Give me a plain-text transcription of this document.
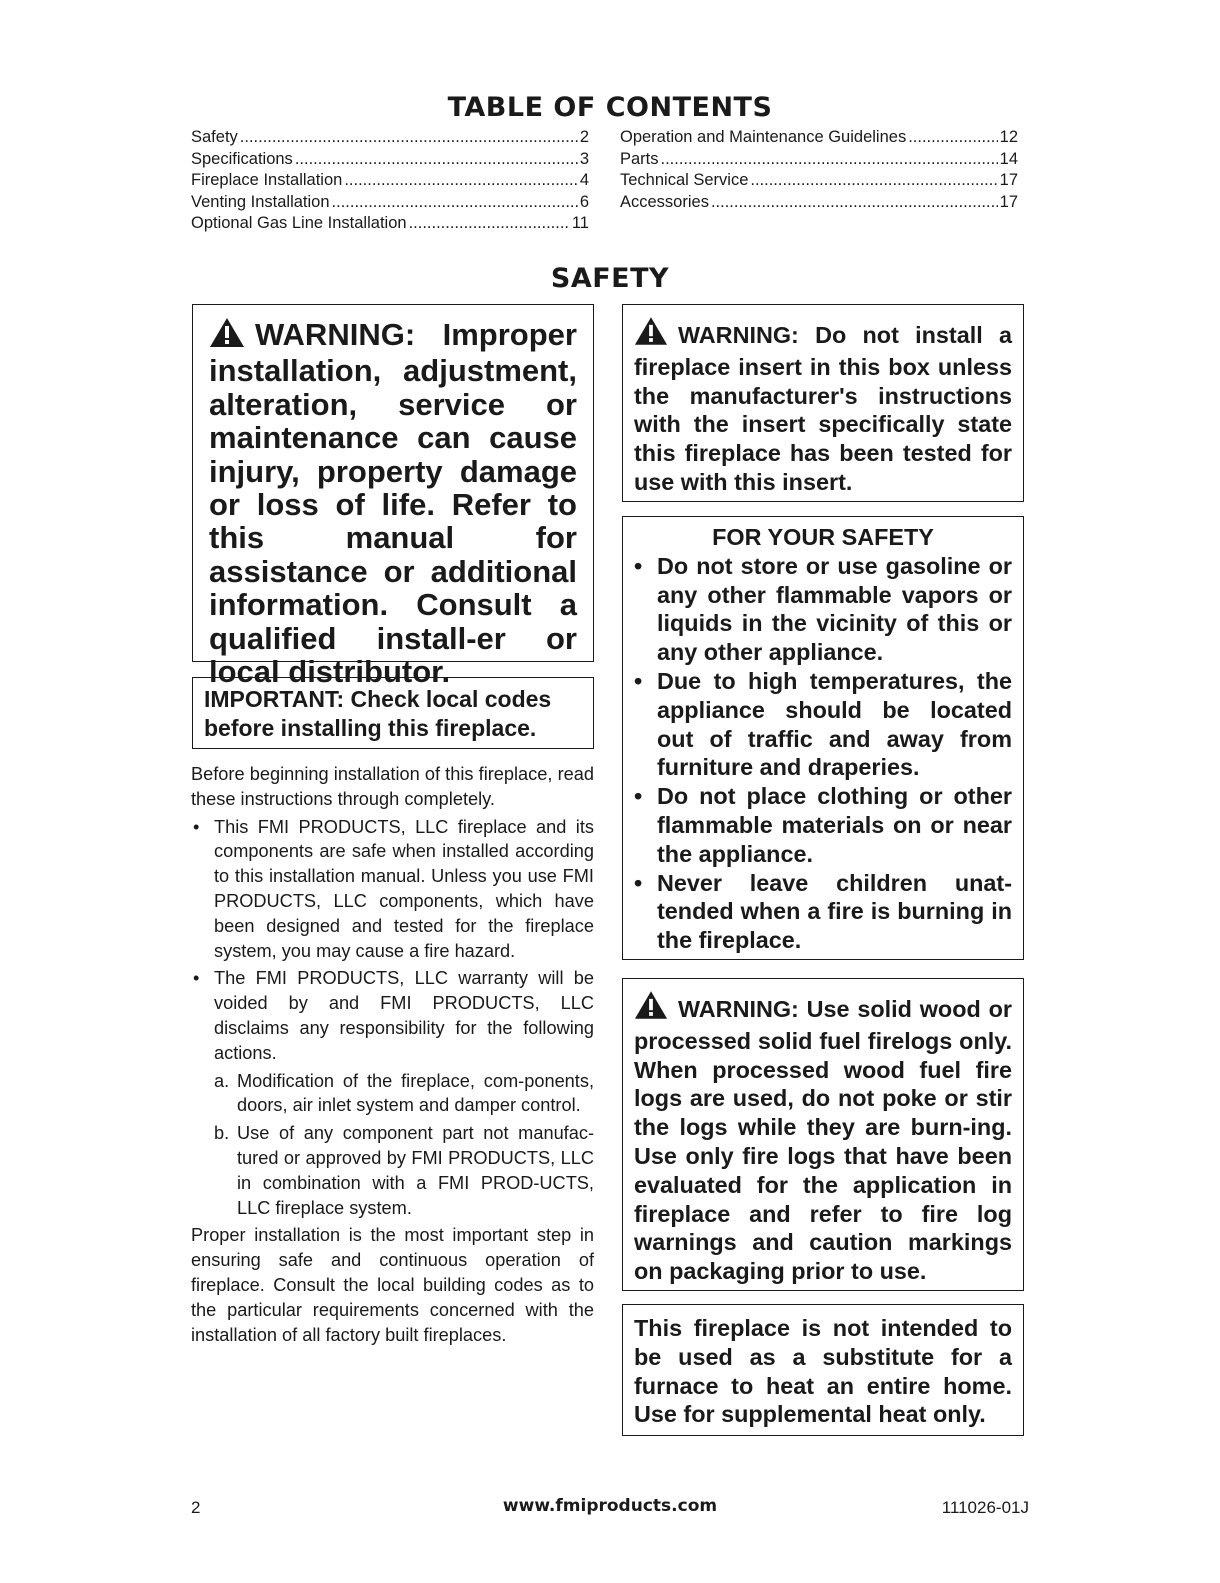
TABLE OF CONTENTS
Safety .....	2
Specifications .....	3
Fireplace Installation .....	4
Venting Installation .....	6
Optional Gas Line Installation .....	11
Operation and Maintenance Guidelines .....	12
Parts .....	14
Technical Service .....	17
Accessories .....	17
SAFETY
WARNING: Improper installation, adjustment, alteration, service or maintenance can cause injury, property damage or loss of life. Refer to this manual for assistance or additional information. Consult a qualified install-er or local distributor.
IMPORTANT: Check local codes before installing this fireplace.

Before beginning installation of this fireplace, read these instructions through completely.

• This FMI PRODUCTS, LLC fireplace and its components are safe when installed according to this installation manual. Unless you use FMI PRODUCTS, LLC components, which have been designed and tested for the fireplace system, you may cause a fire hazard.
• The FMI PRODUCTS, LLC warranty will be voided by and FMI PRODUCTS, LLC disclaims any responsibility for the following actions.
a. Modification of the fireplace, com-ponents, doors, air inlet system and damper control.
b. Use of any component part not manufac-tured or approved by FMI PRODUCTS, LLC in combination with a FMI PROD-UCTS, LLC fireplace system.

Proper installation is the most important step in ensuring safe and continuous operation of fireplace. Consult the local building codes as to the particular requirements concerned with the installation of all factory built fireplaces.

WARNING: Do not install a fireplace insert in this box unless the manufacturer's instructions with the insert specifically state this fireplace has been tested for use with this insert.
FOR YOUR SAFETY
• Do not store or use gasoline or any other flammable vapors or liquids in the vicinity of this or any other appliance.
• Due to high temperatures, the appliance should be located out of traffic and away from furniture and draperies.
• Do not place clothing or other flammable materials on or near the appliance.
• Never leave children unat-tended when a fire is burning in the fireplace.
WARNING: Use solid wood or processed solid fuel firelogs only. When processed wood fuel fire logs are used, do not poke or stir the logs while they are burn-ing. Use only fire logs that have been evaluated for the application in fireplace and refer to fire log warnings and caution markings on packaging prior to use.
This fireplace is not intended to be used as a substitute for a furnace to heat an entire home. Use for supplemental heat only.
2	www.fmiproducts.com	111026-01J
